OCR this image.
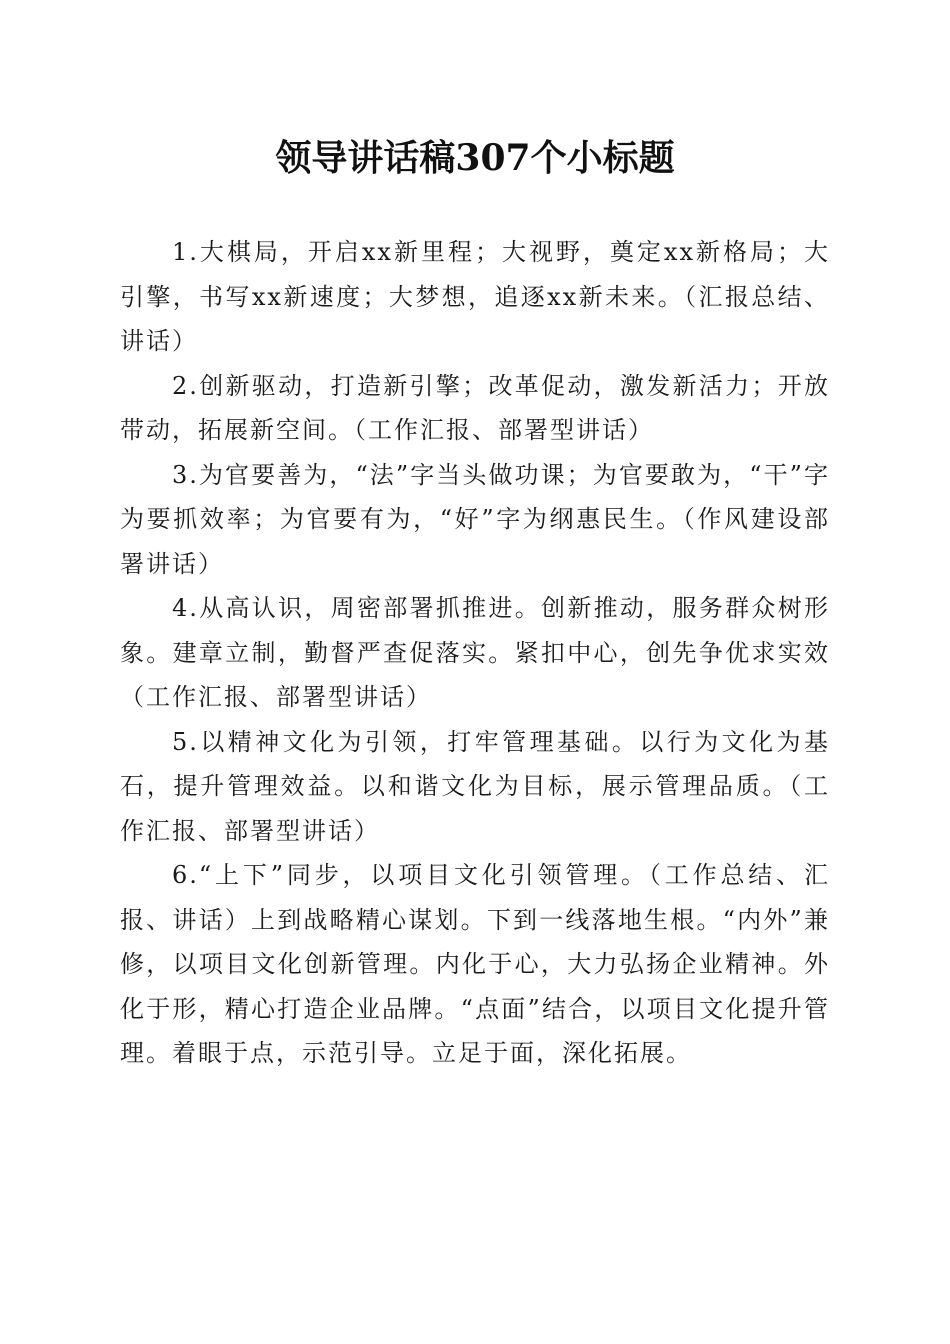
领导讲话稿307个小标题

1.大棋局，开启xx新里程；大视野，奠定xx新格局；大引擎，书写xx新速度；大梦想，追逐xx新未来。（汇报总结、讲话）

2.创新驱动，打造新引擎；改革促动，激发新活力；开放带动，拓展新空间。（工作汇报、部署型讲话）

3.为官要善为，“法”字当头做功课；为官要敢为，“干”字为要抓效率；为官要有为，“好”字为纲惠民生。（作风建设部署讲话）

4.从高认识，周密部署抓推进。创新推动，服务群众树形象。建章立制，勤督严查促落实。紧扣中心，创先争优求实效（工作汇报、部署型讲话）

5.以精神文化为引领，打牢管理基础。以行为文化为基石，提升管理效益。以和谐文化为目标，展示管理品质。（工作汇报、部署型讲话）

6.“上下”同步，以项目文化引领管理。（工作总结、汇报、讲话）上到战略精心谋划。下到一线落地生根。“内外”兼修，以项目文化创新管理。内化于心，大力弘扬企业精神。外化于形，精心打造企业品牌。“点面”结合，以项目文化提升管理。着眼于点，示范引导。立足于面，深化拓展。
